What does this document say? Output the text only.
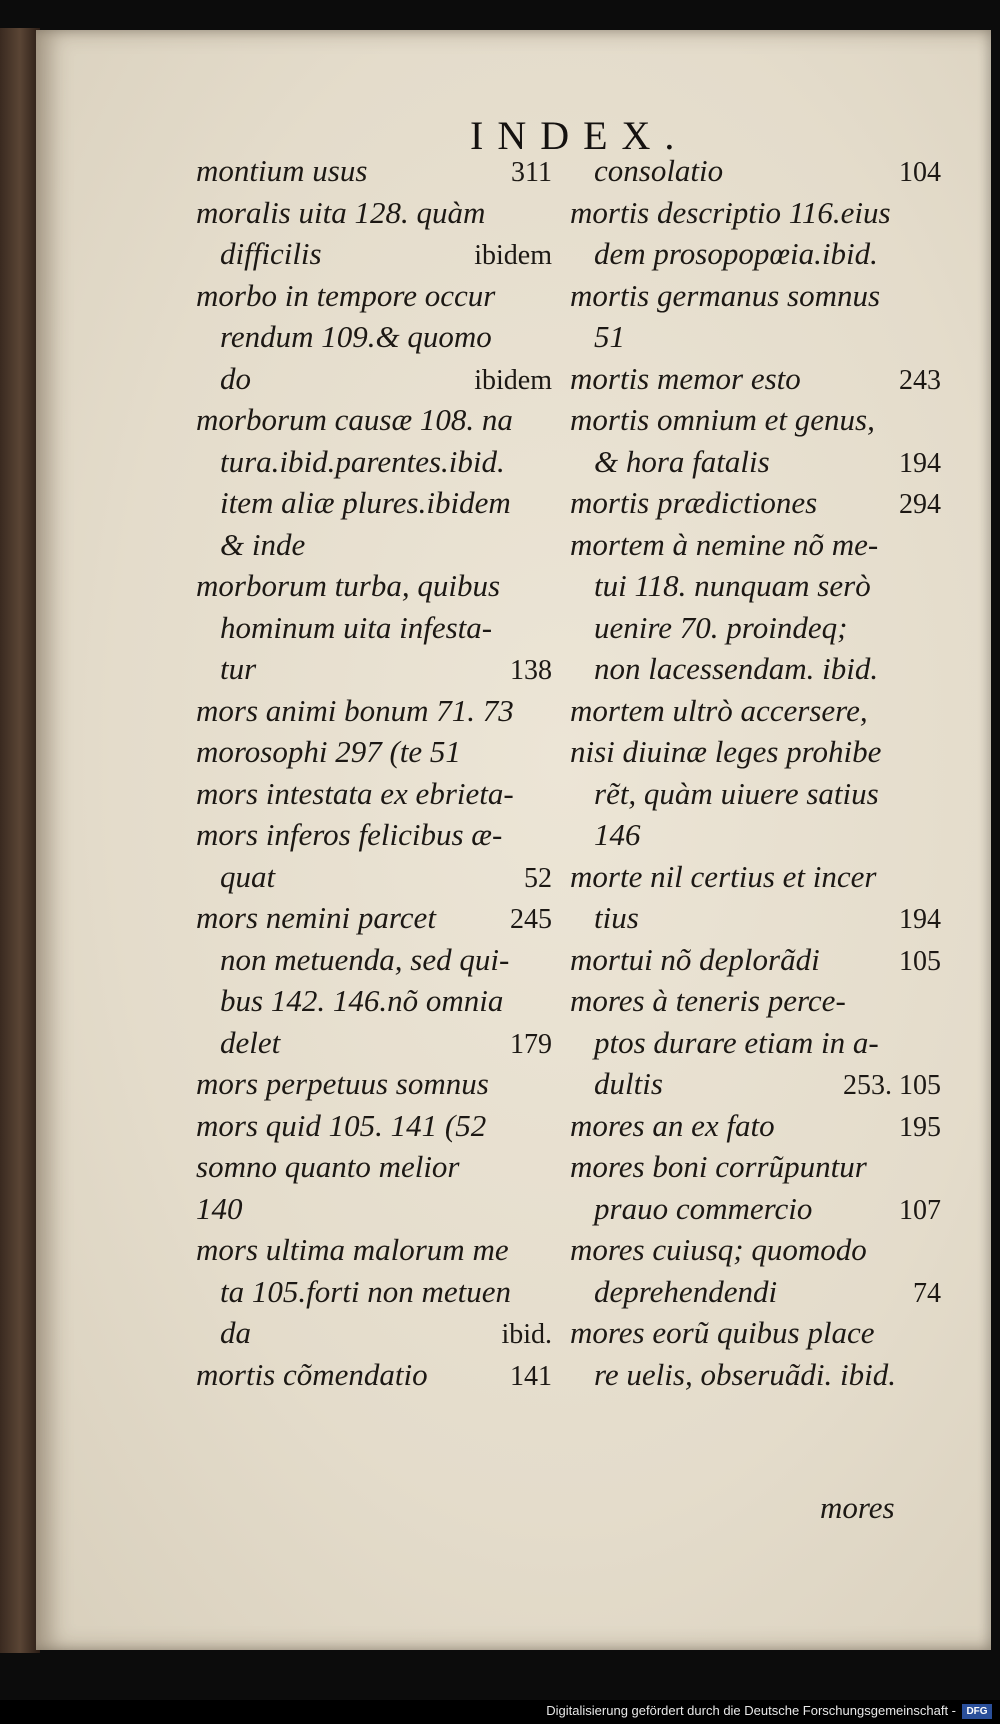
INDEX.
montium usus	311
moralis uita 128. quàm
difficilis	ibidem
morbo in tempore occur
rendum 109.& quomo
do	ibidem
morborum causæ 108. na
tura.ibid.parentes.ibid.
item aliæ plures.ibidem
& inde
morborum turba, quibus
hominum uita infesta-
tur	138
mors animi bonum 71. 73
morosophi 297 (te 51
mors intestata ex ebrieta-
mors inferos felicibus æ-
quat	52
mors nemini parcet	245
non metuenda, sed qui-
bus 142. 146.nõ omnia
delet	179
mors perpetuus somnus
mors quid 105. 141 (52
somno quanto melior
140
mors ultima malorum me
ta 105.forti non metuen
da	ibid.
mortis cõmendatio	141
consolatio	104
mortis descriptio 116.eius
dem prosopopœia.ibid.
mortis germanus somnus
51
mortis memor esto	243
mortis omnium et genus,
& hora fatalis	194
mortis prædictiones	294
mortem à nemine nõ me-
tui 118. nunquam serò
uenire 70. proindeq;
non lacessendam. ibid.
mortem ultrò accersere,
nisi diuinæ leges prohibe
rẽt, quàm uiuere satius
146
morte nil certius et incer
tius	194
mortui nõ deplorãdi	105
mores à teneris perce-
ptos durare etiam in a-
dultis	253. 105
mores an ex fato	195
mores boni corrũpuntur
prauo commercio	107
mores cuiusq; quomodo
deprehendendi	74
mores eorũ quibus place
re uelis, obseruãdi. ibid.
mores
Digitalisierung gefördert durch die Deutsche Forschungsgemeinschaft -	DFG
